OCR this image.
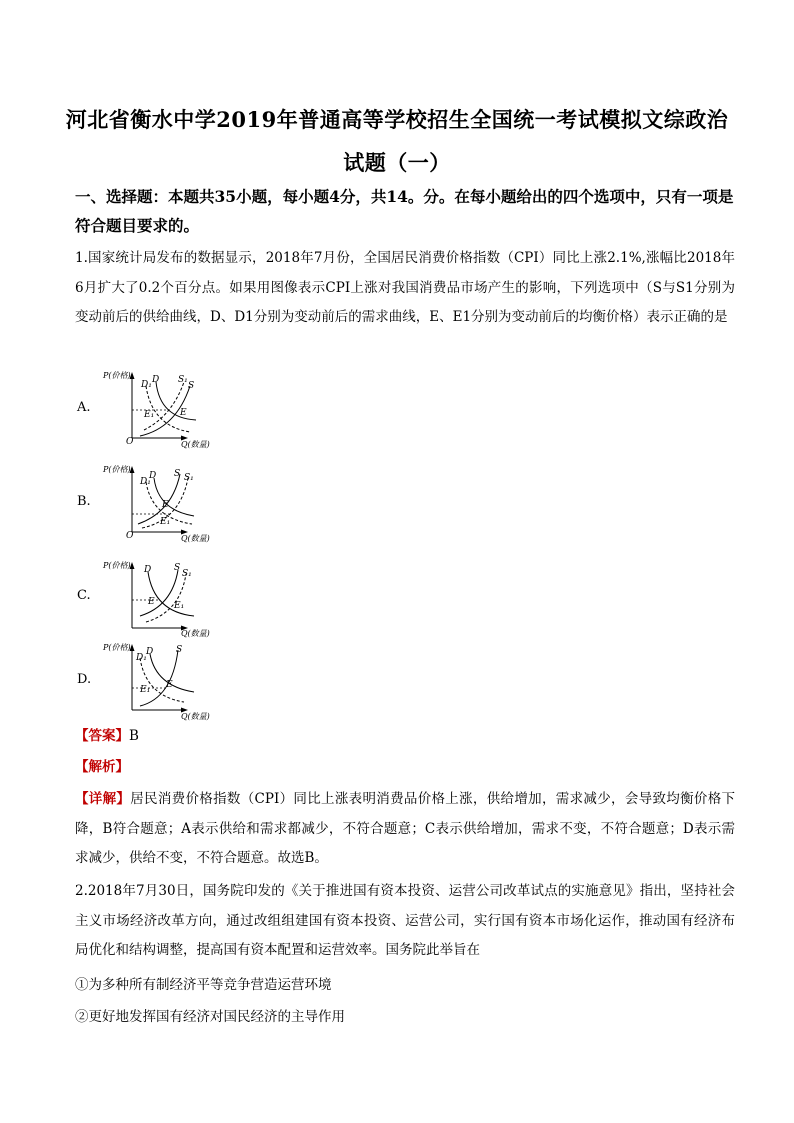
河北省衡水中学2019年普通高等学校招生全国统一考试模拟文综政治
试题（一）
一、选择题：本题共35小题，每小题4分，共14。分。在每小题给出的四个选项中，只有一项是符合题目要求的。
1.国家统计局发布的数据显示，2018年7月份，全国居民消费价格指数（CPI）同比上涨2.1%,涨幅比2018年6月扩大了0.2个百分点。如果用图像表示CPI上涨对我国消费品市场产生的影响，下列选项中（S与S1分别为变动前后的供给曲线，D、D1分别为变动前后的需求曲线，E、E1分别为变动前后的均衡价格）表示正确的是
A.
P(价格)
Q(数量)
O
D₁ D S₁
S
E₁	E
B.
P(价格)
Q(数量)
O
D₁
D S S₁
E
E₁
C.
P(价格)
Q(数量)
D	S
S₁
E E₁
D.
P(价格)
Q(数量)
D₁
D	S
E₁ E
【答案】B
【解析】
【详解】居民消费价格指数（CPI）同比上涨表明消费品价格上涨，供给增加，需求减少，会导致均衡价格下降，B符合题意；A表示供给和需求都减少，不符合题意；C表示供给增加，需求不变，不符合题意；D表示需求减少，供给不变，不符合题意。故选B。
2.2018年7月30日，国务院印发的《关于推进国有资本投资、运营公司改革试点的实施意见》指出，坚持社会主义市场经济改革方向，通过改组组建国有资本投资、运营公司，实行国有资本市场化运作，推动国有经济布局优化和结构调整，提高国有资本配置和运营效率。国务院此举旨在
①为多种所有制经济平等竞争营造运营环境
②更好地发挥国有经济对国民经济的主导作用
